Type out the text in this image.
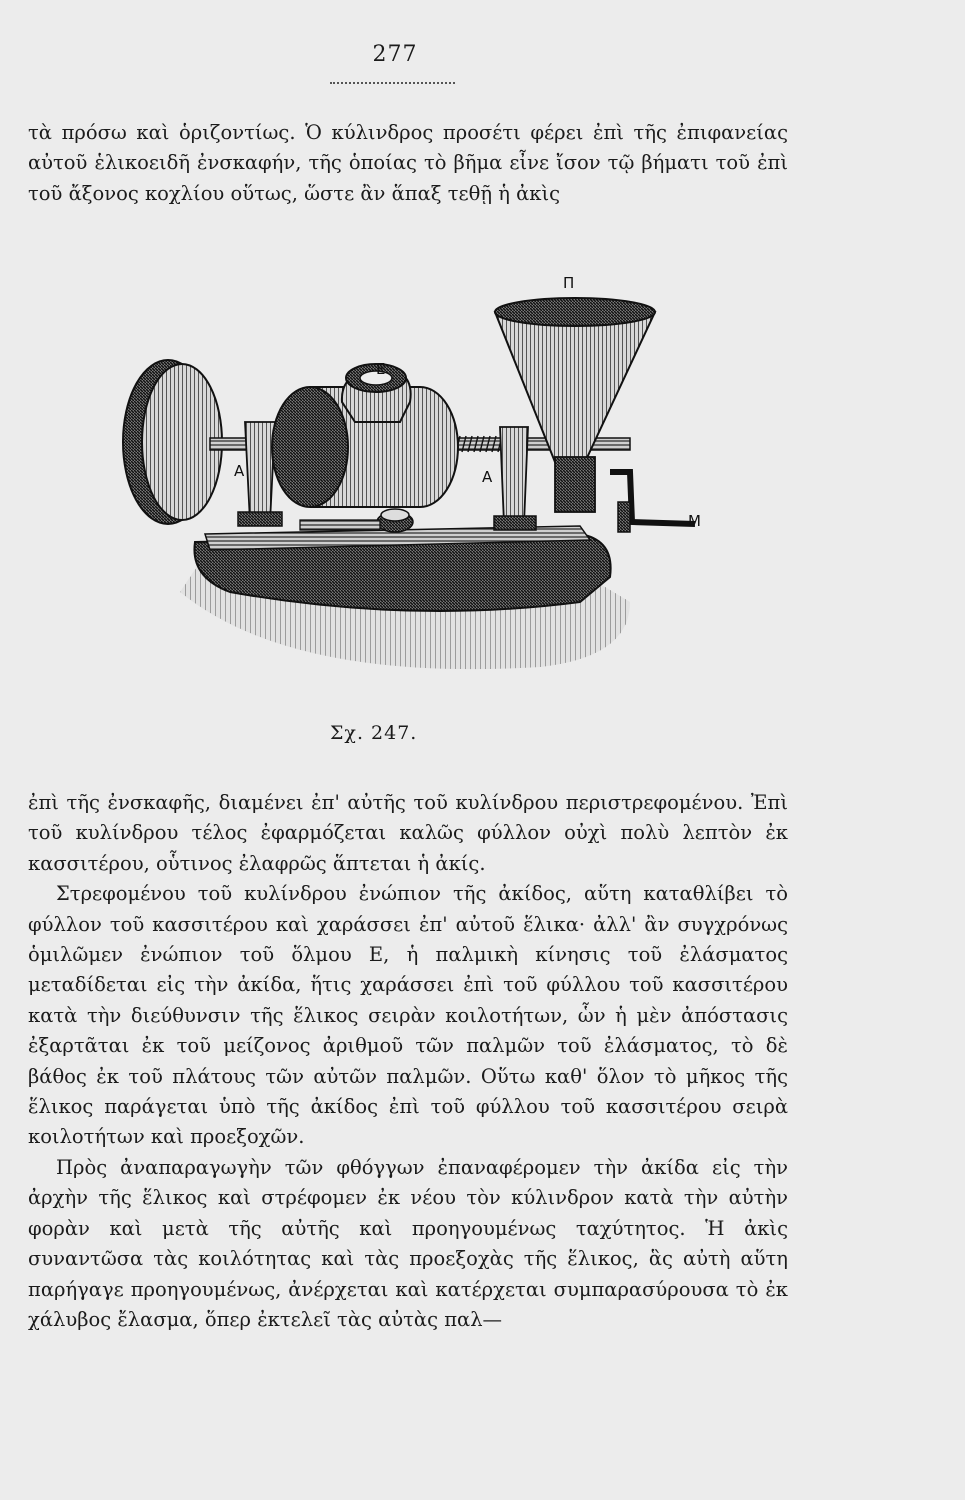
277

τὰ πρόσω καὶ ὁριζοντίως. Ὁ κύλινδρος προσέτι φέρει ἐπὶ τῆς ἐπιφανείας αὐτοῦ ἑλικοειδῆ ἐνσκαφήν, τῆς ὁποίας τὸ βῆμα εἶνε ἴσον τῷ βήματι τοῦ ἐπὶ τοῦ ἄξονος κοχλίου οὕτως, ὥστε ἂν ἅπαξ τεθῇ ἡ ἀκὶς

Π
Ε
Α	Α
Μ
Σχ. 247.

ἐπὶ τῆς ἐνσκαφῆς, διαμένει ἐπ' αὐτῆς τοῦ κυλίνδρου περιστρεφομένου. Ἐπὶ τοῦ κυλίνδρου τέλος ἐφαρμόζεται καλῶς φύλλον οὐχὶ πολὺ λεπτὸν ἐκ κασσιτέρου, οὗτινος ἐλαφρῶς ἅπτεται ἡ ἀκίς.

Στρεφομένου τοῦ κυλίνδρου ἐνώπιον τῆς ἀκίδος, αὕτη καταθλίβει τὸ φύλλον τοῦ κασσιτέρου καὶ χαράσσει ἐπ' αὐτοῦ ἕλικα· ἀλλ' ἂν συγχρόνως ὁμιλῶμεν ἐνώπιον τοῦ ὅλμου Ε, ἡ παλμικὴ κίνησις τοῦ ἐλάσματος μεταδίδεται εἰς τὴν ἀκίδα, ἥτις χαράσσει ἐπὶ τοῦ φύλλου τοῦ κασσιτέρου κατὰ τὴν διεύθυνσιν τῆς ἕλικος σειρὰν κοιλοτήτων, ὧν ἡ μὲν ἀπόστασις ἐξαρτᾶται ἐκ τοῦ μείζονος ἀριθμοῦ τῶν παλμῶν τοῦ ἐλάσματος, τὸ δὲ βάθος ἐκ τοῦ πλάτους τῶν αὐτῶν παλμῶν. Οὕτω καθ' ὅλον τὸ μῆκος τῆς ἕλικος παράγεται ὑπὸ τῆς ἀκίδος ἐπὶ τοῦ φύλλου τοῦ κασσιτέρου σειρὰ κοιλοτήτων καὶ προεξοχῶν.

Πρὸς ἀναπαραγωγὴν τῶν φθόγγων ἐπαναφέρομεν τὴν ἀκίδα εἰς τὴν ἀρχὴν τῆς ἕλικος καὶ στρέφομεν ἐκ νέου τὸν κύλινδρον κατὰ τὴν αὐτὴν φορὰν καὶ μετὰ τῆς αὐτῆς καὶ προηγουμένως ταχύτητος. Ἡ ἀκὶς συναντῶσα τὰς κοιλότητας καὶ τὰς προεξοχὰς τῆς ἕλικος, ἃς αὐτὴ αὕτη παρήγαγε προηγουμένως, ἀνέρχεται καὶ κατέρχεται συμπαρασύρουσα τὸ ἐκ χάλυβος ἔλασμα, ὅπερ ἐκτελεῖ τὰς αὐτὰς παλ—
